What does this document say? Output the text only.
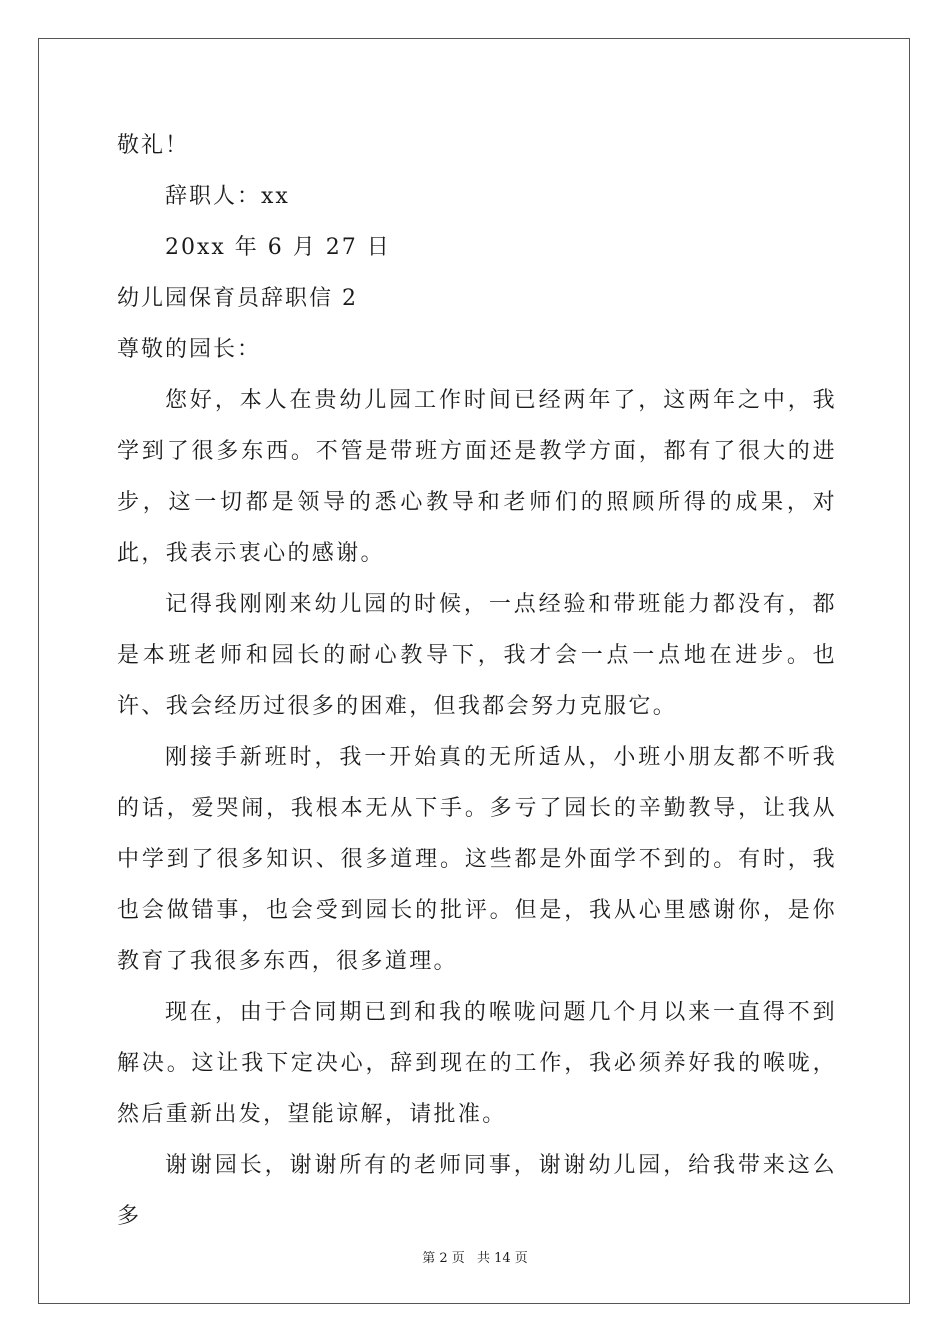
敬礼！

辞职人：xx

20xx 年 6 月 27 日

幼儿园保育员辞职信 2

尊敬的园长：

您好，本人在贵幼儿园工作时间已经两年了，这两年之中，我学到了很多东西。不管是带班方面还是教学方面，都有了很大的进步，这一切都是领导的悉心教导和老师们的照顾所得的成果，对此，我表示衷心的感谢。

记得我刚刚来幼儿园的时候，一点经验和带班能力都没有，都是本班老师和园长的耐心教导下，我才会一点一点地在进步。也许、我会经历过很多的困难，但我都会努力克服它。

刚接手新班时，我一开始真的无所适从，小班小朋友都不听我的话，爱哭闹，我根本无从下手。多亏了园长的辛勤教导，让我从中学到了很多知识、很多道理。这些都是外面学不到的。有时，我也会做错事，也会受到园长的批评。但是，我从心里感谢你，是你教育了我很多东西，很多道理。

现在，由于合同期已到和我的喉咙问题几个月以来一直得不到解决。这让我下定决心，辞到现在的工作，我必须养好我的喉咙，然后重新出发，望能谅解，请批准。

谢谢园长，谢谢所有的老师同事，谢谢幼儿园，给我带来这么多

第 2 页 共 14 页
